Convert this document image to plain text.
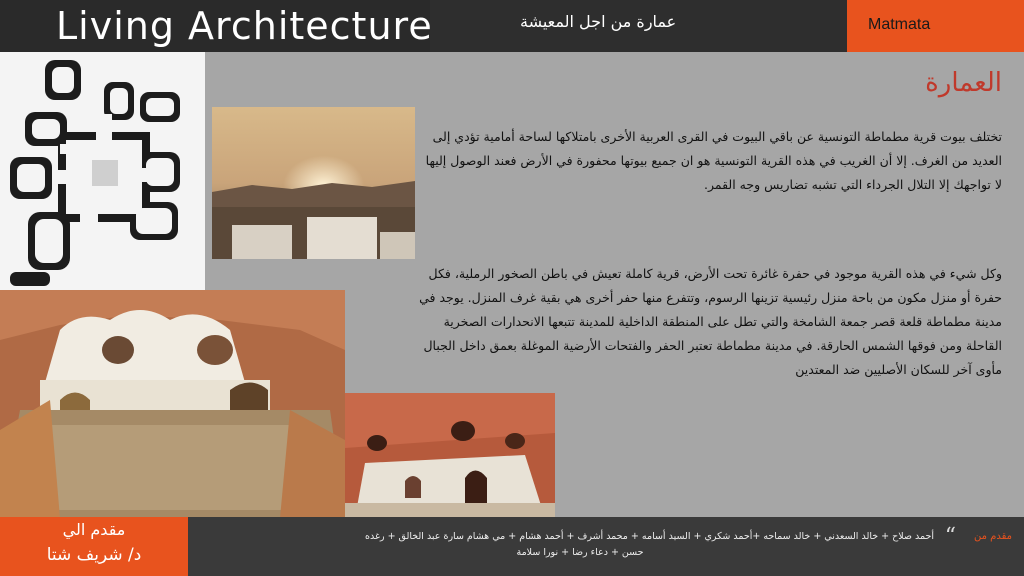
Living Architecture	عمارة من اجل المعيشة	Matmata
العمارة
تختلف بيوت قرية مطماطة التونسية عن باقي البيوت في القرى العربية الأخرى بامتلاكها لساحة أمامية تؤدي إلى العديد من الغرف. إلا أن الغريب في هذه القرية التونسية هو ان جميع بيوتها محفورة في الأرض فعند الوصول إليها لا تواجهك إلا التلال الجرداء التي تشبه تضاريس وجه القمر.
وكل شيء في هذه القرية موجود في حفرة غائرة تحت الأرض، قرية كاملة تعيش في باطن الصخور الرملية، فكل حفرة أو منزل مكون من باحة منزل رئيسية تزينها الرسوم، وتتفرع منها حفر أخرى هي بقية غرف المنزل. يوجد في مدينة مطماطة قلعة قصر جمعة الشامخة والتي تطل على المنطقة الداخلية للمدينة تتبعها الانحدارات الصخرية القاحلة ومن فوقها الشمس الحارقة. في مدينة مطماطة تعتبر الحفر والفتحات الأرضية الموغلة بعمق داخل الجبال مأوى آخر للسكان الأصليين ضد المعتدين
مقدم الي
د/ شريف شتا
مقدم من
“
أحمد صلاح + خالد السعدني + خالد سماحه +أحمد شكري + السيد أسامه + محمد أشرف + أحمد هشام + مي هشام سارة عبد الخالق + رغده
حسن + دعاء رضا + نورا سلامة
